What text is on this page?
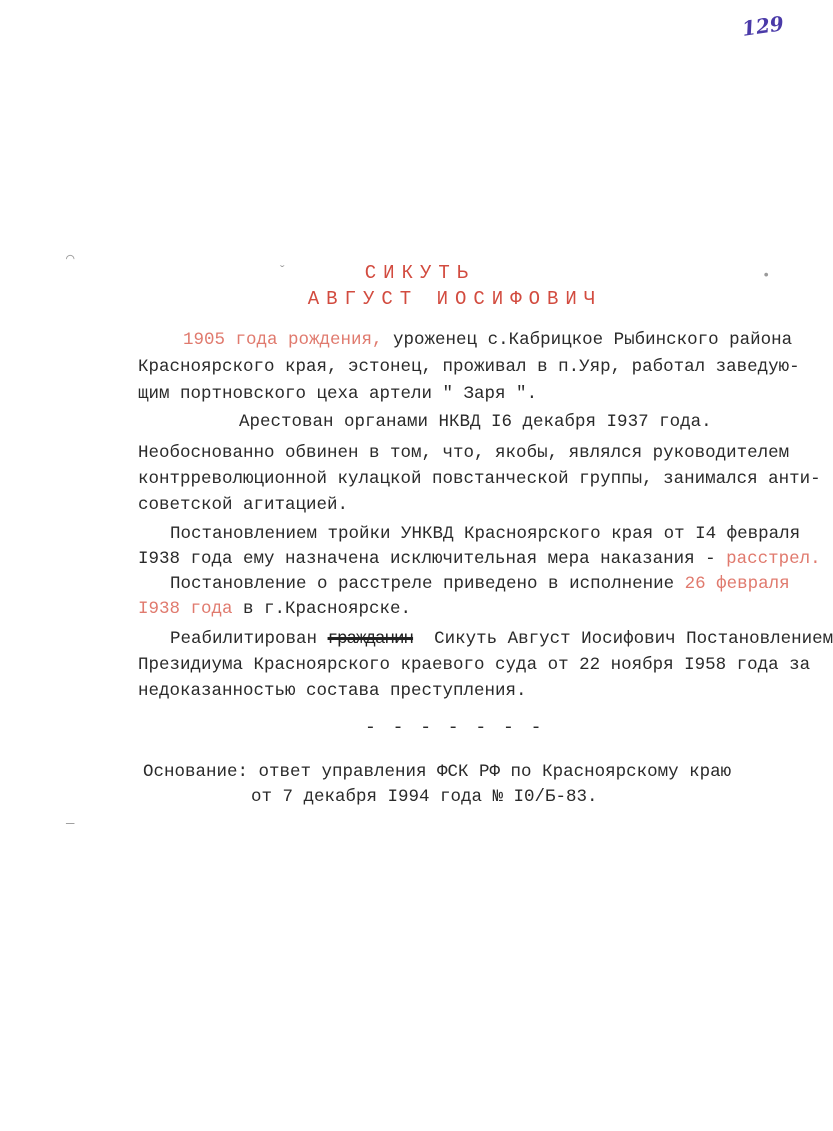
129
ˇ
⌒
•
—
СИКУТЬ
АВГУСТ ИОСИФОВИЧ
1905 года рождения, уроженец с.Кабрицкое Рыбинского района
Красноярского края, эстонец, проживал в п.Уяр, работал заведую-
щим портновского цеха артели " Заря ".
Арестован органами НКВД I6 декабря I937 года.
Необоснованно обвинен в том, что, якобы, являлся руководителем
контрреволюционной кулацкой повстанческой группы, занимался анти-
советской агитацией.
Постановлением тройки УНКВД Красноярского края от I4 февраля
I938 года ему назначена исключительная мера наказания - расстрел.
Постановление о расстреле приведено в исполнение 26 февраля
I938 года в г.Красноярске.
Реабилитирован гражданин Сикуть Август Иосифович Постановлением
Президиума Красноярского краевого суда от 22 ноября I958 года за
недоказанностью состава преступления.
- - - - - - -
Основание: ответ управления ФСК РФ по Красноярскому краю
от 7 декабря I994 года № I0/Б-83.
